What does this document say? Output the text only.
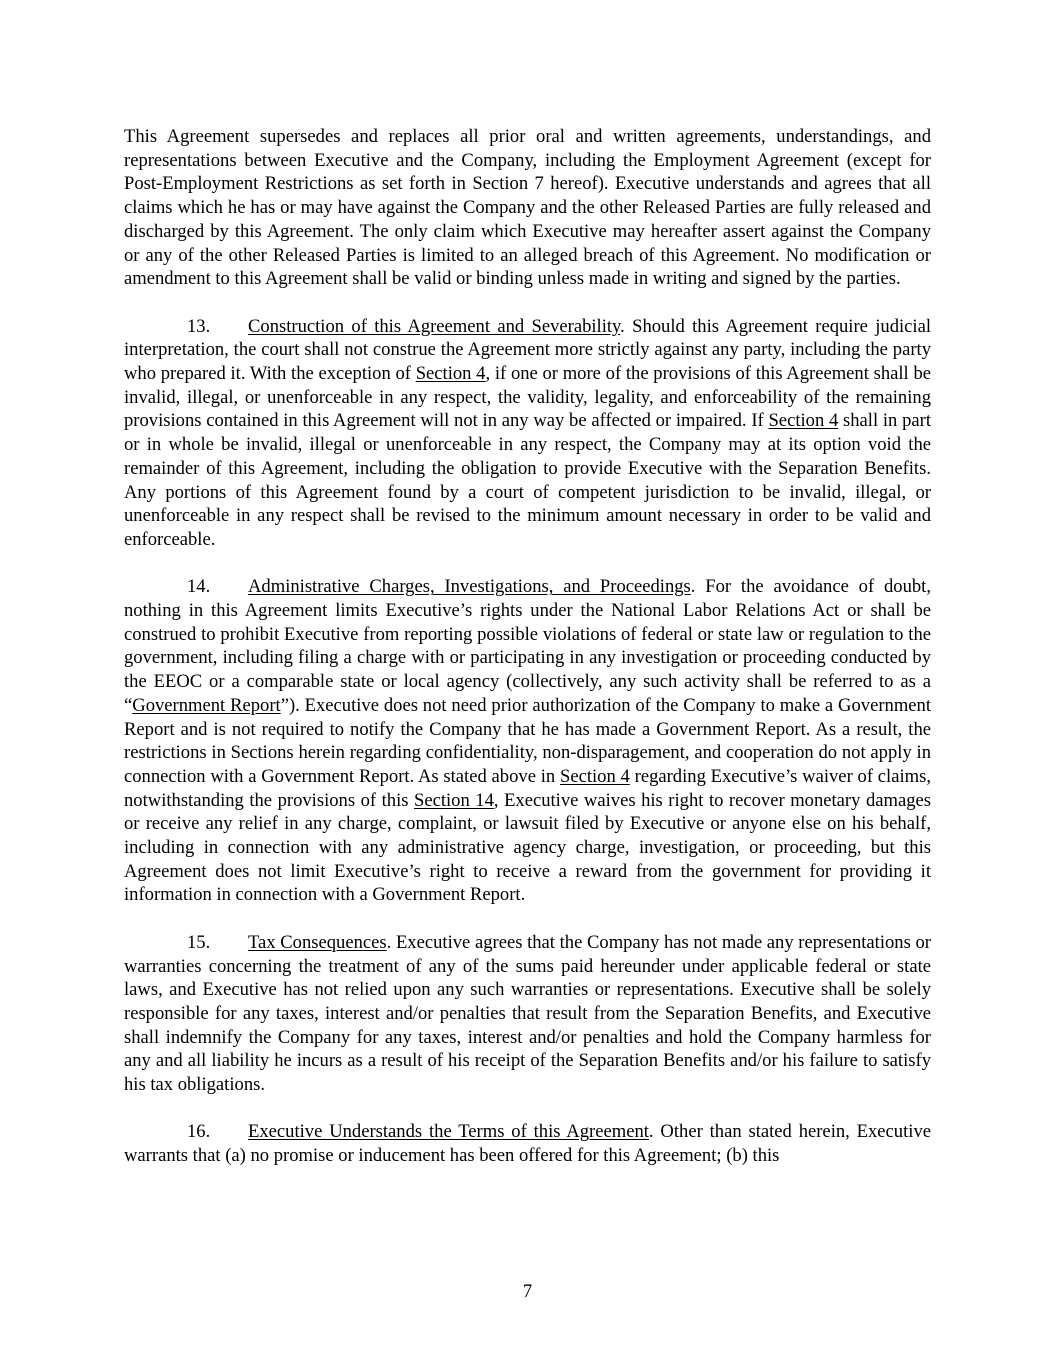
This Agreement supersedes and replaces all prior oral and written agreements, understandings, and representations between Executive and the Company, including the Employment Agreement (except for Post-Employment Restrictions as set forth in Section 7 hereof). Executive understands and agrees that all claims which he has or may have against the Company and the other Released Parties are fully released and discharged by this Agreement. The only claim which Executive may hereafter assert against the Company or any of the other Released Parties is limited to an alleged breach of this Agreement. No modification or amendment to this Agreement shall be valid or binding unless made in writing and signed by the parties.

13. Construction of this Agreement and Severability. Should this Agreement require judicial interpretation, the court shall not construe the Agreement more strictly against any party, including the party who prepared it. With the exception of Section 4, if one or more of the provisions of this Agreement shall be invalid, illegal, or unenforceable in any respect, the validity, legality, and enforceability of the remaining provisions contained in this Agreement will not in any way be affected or impaired. If Section 4 shall in part or in whole be invalid, illegal or unenforceable in any respect, the Company may at its option void the remainder of this Agreement, including the obligation to provide Executive with the Separation Benefits. Any portions of this Agreement found by a court of competent jurisdiction to be invalid, illegal, or unenforceable in any respect shall be revised to the minimum amount necessary in order to be valid and enforceable.

14. Administrative Charges, Investigations, and Proceedings. For the avoidance of doubt, nothing in this Agreement limits Executive’s rights under the National Labor Relations Act or shall be construed to prohibit Executive from reporting possible violations of federal or state law or regulation to the government, including filing a charge with or participating in any investigation or proceeding conducted by the EEOC or a comparable state or local agency (collectively, any such activity shall be referred to as a “Government Report”). Executive does not need prior authorization of the Company to make a Government Report and is not required to notify the Company that he has made a Government Report. As a result, the restrictions in Sections herein regarding confidentiality, non-disparagement, and cooperation do not apply in connection with a Government Report. As stated above in Section 4 regarding Executive’s waiver of claims, notwithstanding the provisions of this Section 14, Executive waives his right to recover monetary damages or receive any relief in any charge, complaint, or lawsuit filed by Executive or anyone else on his behalf, including in connection with any administrative agency charge, investigation, or proceeding, but this Agreement does not limit Executive’s right to receive a reward from the government for providing it information in connection with a Government Report.

15. Tax Consequences. Executive agrees that the Company has not made any representations or warranties concerning the treatment of any of the sums paid hereunder under applicable federal or state laws, and Executive has not relied upon any such warranties or representations. Executive shall be solely responsible for any taxes, interest and/or penalties that result from the Separation Benefits, and Executive shall indemnify the Company for any taxes, interest and/or penalties and hold the Company harmless for any and all liability he incurs as a result of his receipt of the Separation Benefits and/or his failure to satisfy his tax obligations.

16. Executive Understands the Terms of this Agreement. Other than stated herein, Executive warrants that (a) no promise or inducement has been offered for this Agreement; (b) this

7
